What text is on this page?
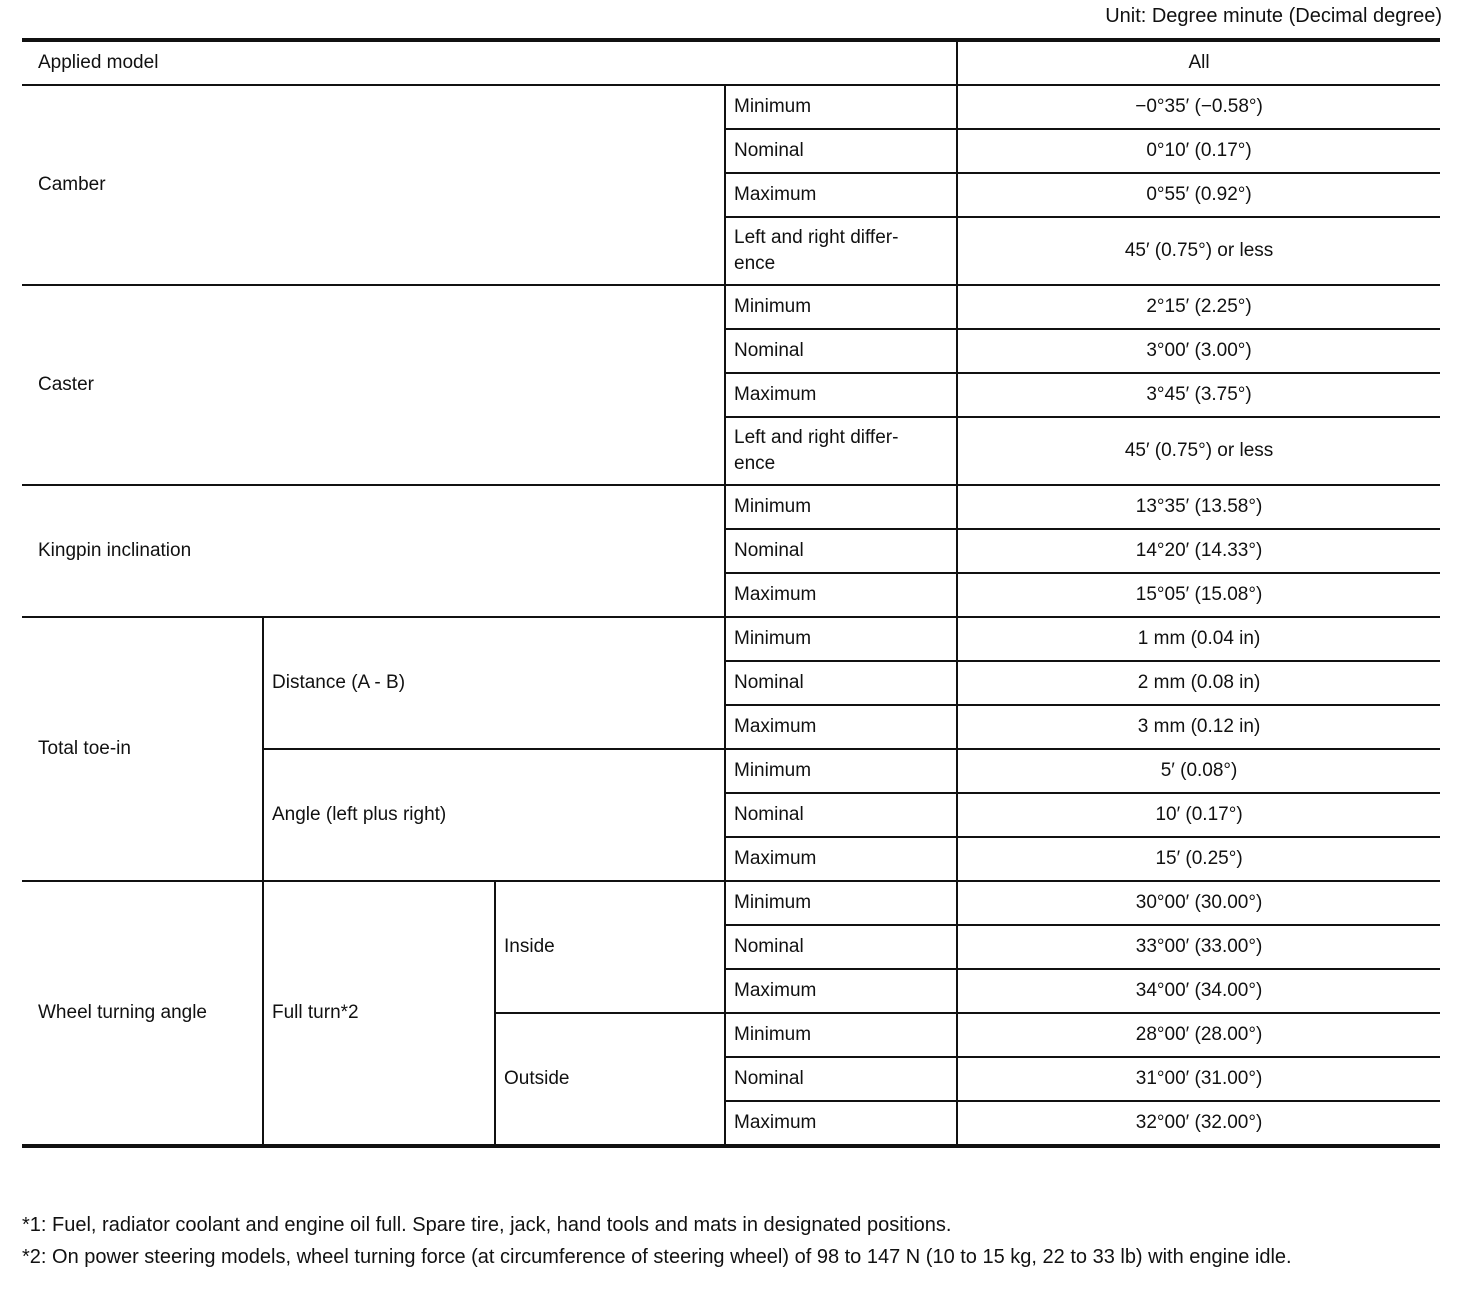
Unit: Degree minute (Decimal degree)
Applied model				All
Camber			Minimum	−0°35′ (−0.58°)
			Nominal	0°10′ (0.17°)
			Maximum	0°55′ (0.92°)
			Left and right differ-
ence	45′ (0.75°) or less
Caster			Minimum	2°15′ (2.25°)
			Nominal	3°00′ (3.00°)
			Maximum	3°45′ (3.75°)
			Left and right differ-
ence	45′ (0.75°) or less
Kingpin inclination			Minimum	13°35′ (13.58°)
			Nominal	14°20′ (14.33°)
			Maximum	15°05′ (15.08°)
Total toe-in	Distance (A - B)		Minimum	1 mm (0.04 in)
			Nominal	2 mm (0.08 in)
			Maximum	3 mm (0.12 in)
	Angle (left plus right)		Minimum	5′ (0.08°)
			Nominal	10′ (0.17°)
			Maximum	15′ (0.25°)
Wheel turning angle	Full turn*2	Inside	Minimum	30°00′ (30.00°)
			Nominal	33°00′ (33.00°)
			Maximum	34°00′ (34.00°)
		Outside	Minimum	28°00′ (28.00°)
			Nominal	31°00′ (31.00°)
			Maximum	32°00′ (32.00°)

*1: Fuel, radiator coolant and engine oil full. Spare tire, jack, hand tools and mats in designated positions.

*2: On power steering models, wheel turning force (at circumference of steering wheel) of 98 to 147 N (10 to 15 kg, 22 to 33 lb) with engine idle.
